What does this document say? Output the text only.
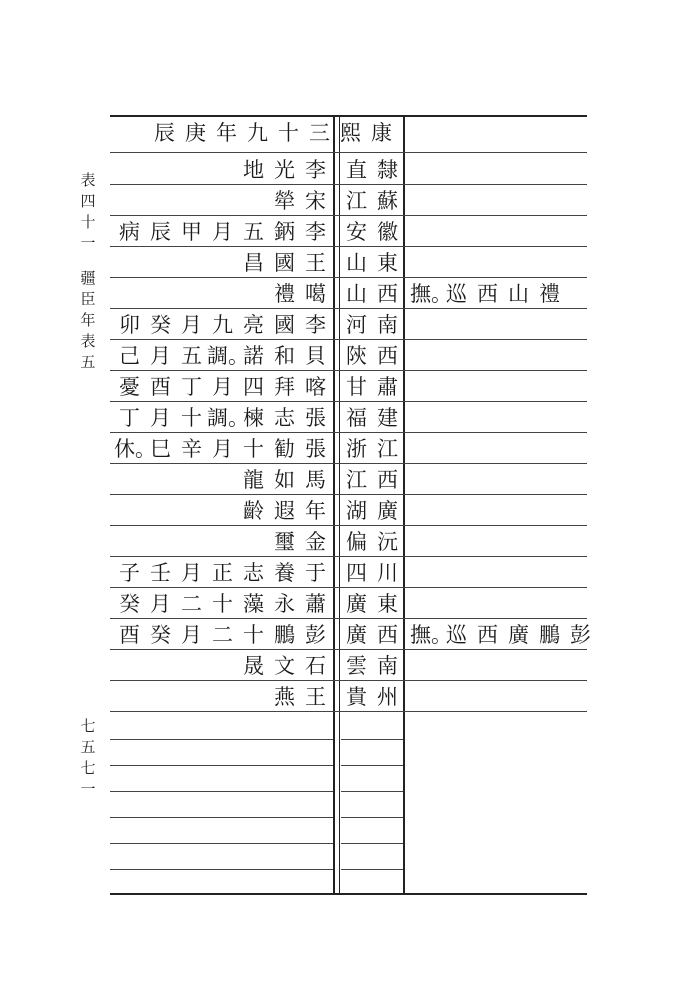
表
四
十
一
疆
臣
年
表
五
七
五
七
一
辰 庚 年 九 十 三 熙 康
地 光 李 直 隸
犖 宋 江 蘇
病 辰 甲 月 五 鈵 李 安 徽
昌 國 王 山 東
禮 噶 山 西 撫。巡 西 山 禮
卯 癸 月 九 亮 國 李 河 南
己 月 五 調。諾 和 貝 陝 西
憂 酉 丁 月 四 拜 喀 甘 肅
丁 月 十 調。楝 志 張 福 建
休。巳 辛 月 十 勧 張 浙 江
龍 如 馬 江 西
齡 遐 年 湖 廣
璽 金 偏 沅
子 壬 月 正 志 養 于 四 川
癸 月 二 十 藻 永 蕭 廣 東
酉 癸 月 二 十 鵬 彭 廣 西 撫。巡 西 廣 鵬 彭
晟 文 石 雲 南
燕 王 貴 州
